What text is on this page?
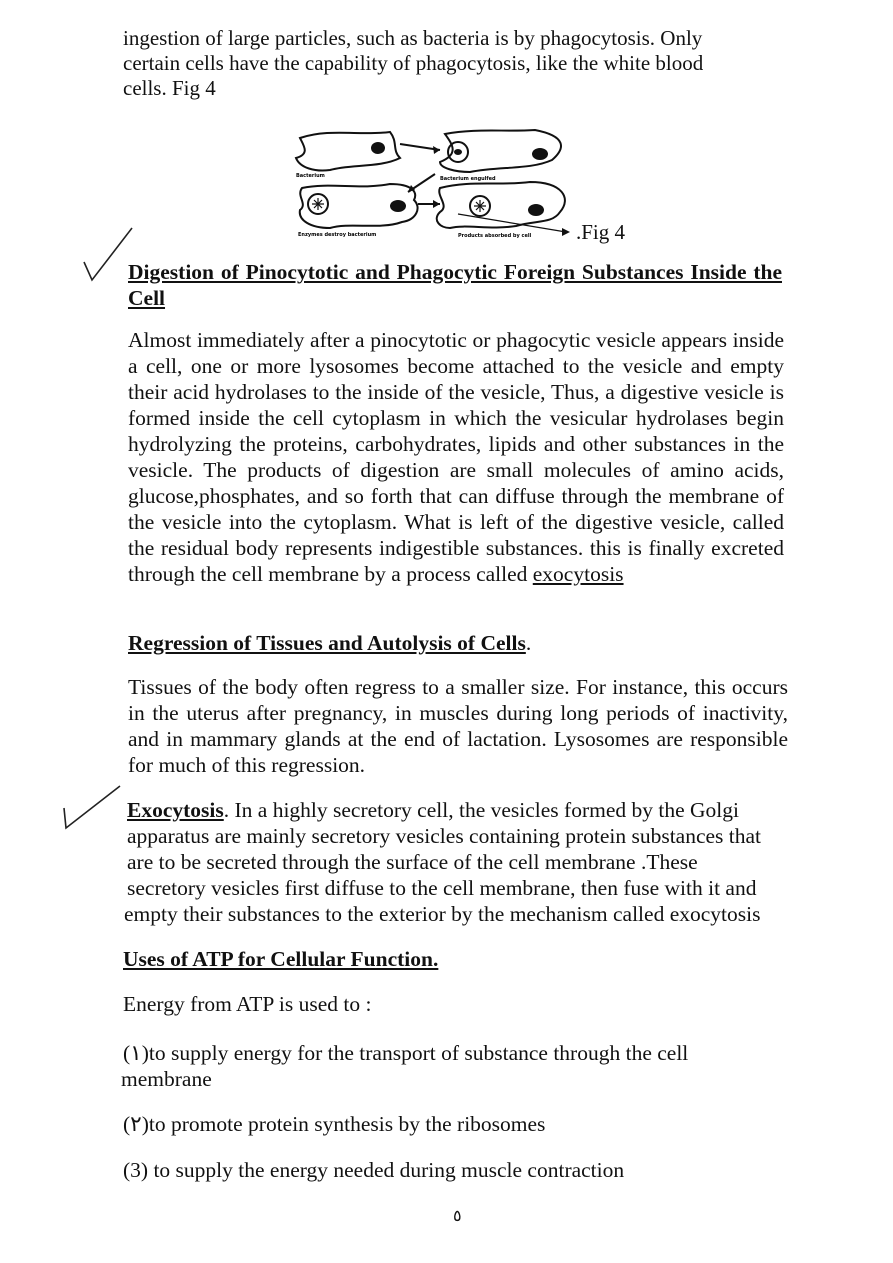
ingestion of large particles, such as bacteria is by phagocytosis. Only certain cells have the capability of phagocytosis, like the white blood cells. Fig 4

Bacterium	Bacterium engulfed
Enzymes destroy bacterium	Products absorbed by cell .Fig 4

Digestion of Pinocytotic and Phagocytic Foreign Substances Inside the Cell

Almost immediately after a pinocytotic or phagocytic vesicle appears inside a cell, one or more lysosomes become attached to the vesicle and empty their acid hydrolases to the inside of the vesicle, Thus, a digestive vesicle is formed inside the cell cytoplasm in which the vesicular hydrolases begin hydrolyzing the proteins, carbohydrates, lipids and other substances in the vesicle. The products of digestion are small molecules of amino acids, glucose,phosphates, and so forth that can diffuse through the membrane of the vesicle into the cytoplasm. What is left of the digestive vesicle, called the residual body represents indigestible substances. this is finally excreted through the cell membrane by a process called exocytosis

Regression of Tissues and Autolysis of Cells.

Tissues of the body often regress to a smaller size. For instance, this occurs in the uterus after pregnancy, in muscles during long periods of inactivity, and in mammary glands at the end of lactation. Lysosomes are responsible for much of this regression.

Exocytosis. In a highly secretory cell, the vesicles formed by the Golgi

apparatus are mainly secretory vesicles containing protein substances that

are to be secreted through the surface of the cell membrane .These

secretory vesicles first diffuse to the cell membrane, then fuse with it and

empty their substances to the exterior by the mechanism called exocytosis

Uses of ATP for Cellular Function.

Energy from ATP is used to :

(١)to supply energy for the transport of substance through the cell

membrane

(٢)to promote protein synthesis by the ribosomes

(3) to supply the energy needed during muscle contraction

٥
